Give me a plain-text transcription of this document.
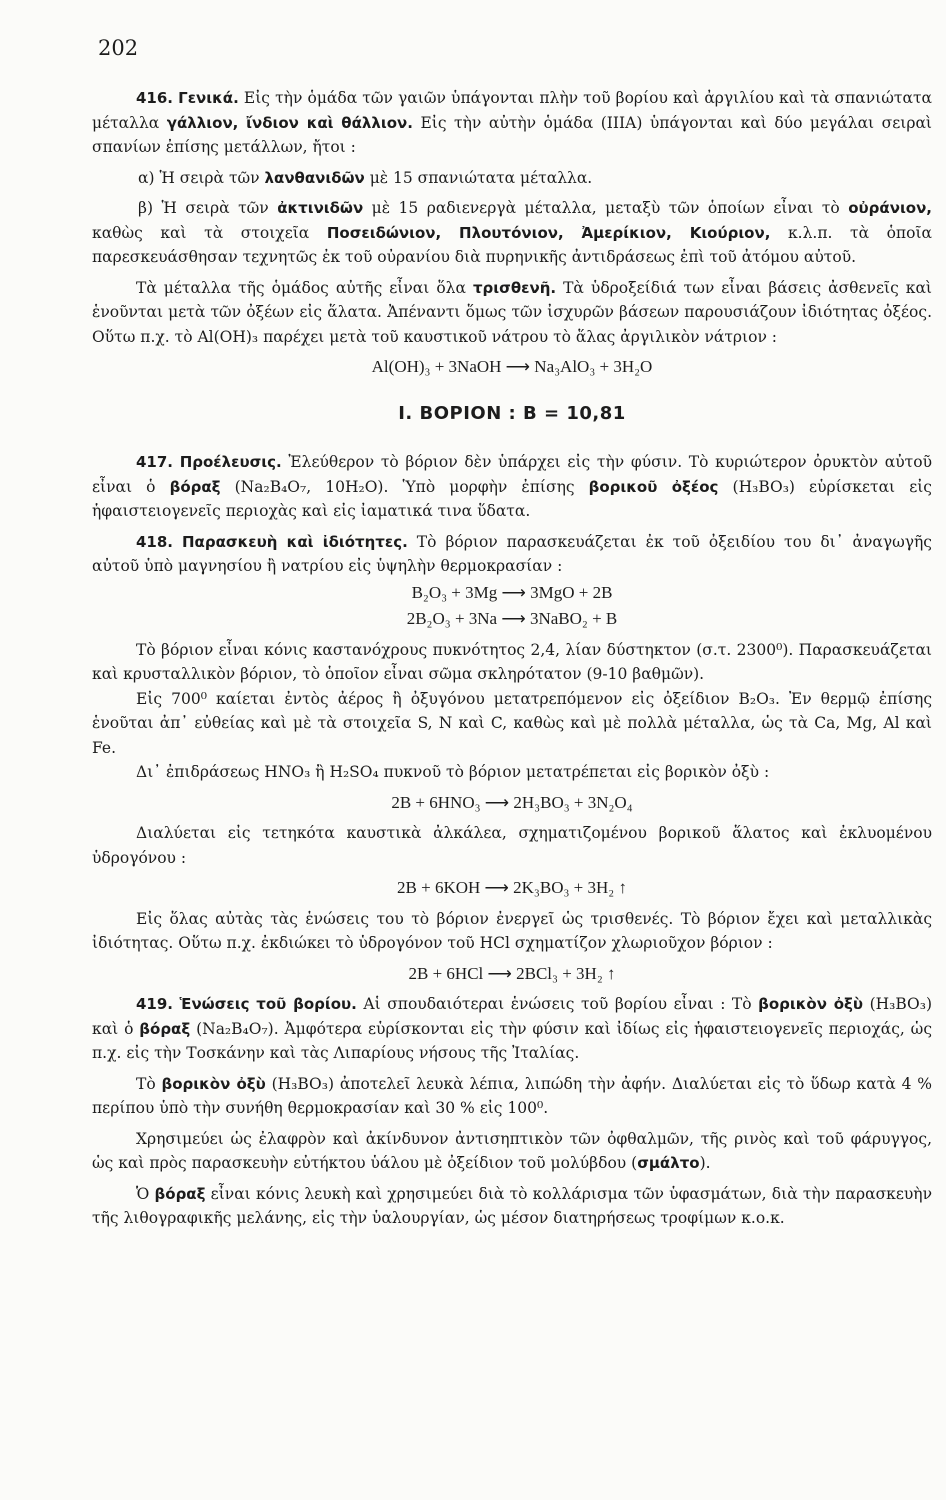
202

416. Γενικά. Εἰς τὴν ὁμάδα τῶν γαιῶν ὑπάγονται πλὴν τοῦ βορίου καὶ ἀργιλίου καὶ τὰ σπανιώτατα μέταλλα γάλλιον, ἴνδιον καὶ θάλλιον. Εἰς τὴν αὐτὴν ὁμάδα (IIIΑ) ὑπάγονται καὶ δύο μεγάλαι σειραὶ σπανίων ἐπίσης μετάλλων, ἤτοι :

α) Ἡ σειρὰ τῶν λανθανιδῶν μὲ 15 σπανιώτατα μέταλλα.

β) Ἡ σειρὰ τῶν ἀκτινιδῶν μὲ 15 ραδιενεργὰ μέταλλα, μεταξὺ τῶν ὁποίων εἶναι τὸ οὐράνιον, καθὼς καὶ τὰ στοιχεῖα Ποσειδώνιον, Πλουτόνιον, Ἀμερίκιον, Κιούριον, κ.λ.π. τὰ ὁποῖα παρεσκευάσθησαν τεχνητῶς ἐκ τοῦ οὐρανίου διὰ πυρηνικῆς ἀντιδράσεως ἐπὶ τοῦ ἀτόμου αὐτοῦ.

Τὰ μέταλλα τῆς ὁμάδος αὐτῆς εἶναι ὅλα τρισθενῆ. Τὰ ὑδροξείδιά των εἶναι βάσεις ἀσθενεῖς καὶ ἑνοῦνται μετὰ τῶν ὀξέων εἰς ἅλατα. Ἀπέναντι ὅμως τῶν ἰσχυρῶν βάσεων παρουσιάζουν ἰδιότητας ὀξέος. Οὕτω π.χ. τὸ Al(OH)₃ παρέχει μετὰ τοῦ καυστικοῦ νάτρου τὸ ἅλας ἀργιλικὸν νάτριον :

Al(OH)₃ + 3NaOH ⟶ Na₃AlO₃ + 3H₂O
Ι. ΒΟΡΙΟΝ : B = 10,81

417. Προέλευσις. Ἐλεύθερον τὸ βόριον δὲν ὑπάρχει εἰς τὴν φύσιν. Τὸ κυριώτερον ὀρυκτὸν αὐτοῦ εἶναι ὁ βόραξ (Na₂B₄O₇, 10H₂O). Ὑπὸ μορφὴν ἐπίσης βορικοῦ ὀξέος (H₃BO₃) εὑρίσκεται εἰς ἡφαιστειογενεῖς περιοχὰς καὶ εἰς ἰαματικά τινα ὕδατα.

418. Παρασκευὴ καὶ ἰδιότητες. Τὸ βόριον παρασκευάζεται ἐκ τοῦ ὀξειδίου του δι᾽ ἀναγωγῆς αὐτοῦ ὑπὸ μαγνησίου ἢ νατρίου εἰς ὑψηλὴν θερμοκρασίαν :

B₂O₃ + 3Mg ⟶ 3MgO + 2B
2B₂O₃ + 3Na ⟶ 3NaBO₂ + B

Τὸ βόριον εἶναι κόνις καστανόχρους πυκνότητος 2,4, λίαν δύστηκτον (σ.τ. 2300⁰). Παρασκευάζεται καὶ κρυσταλλικὸν βόριον, τὸ ὁποῖον εἶναι σῶμα σκληρότατον (9-10 βαθμῶν).

Εἰς 700⁰ καίεται ἐντὸς ἀέρος ἢ ὀξυγόνου μετατρεπόμενον εἰς ὀξείδιον B₂O₃. Ἐν θερμῷ ἐπίσης ἑνοῦται ἀπ᾽ εὐθείας καὶ μὲ τὰ στοιχεῖα S, N καὶ C, καθὼς καὶ μὲ πολλὰ μέταλλα, ὡς τὰ Ca, Mg, Al καὶ Fe.

Δι᾽ ἐπιδράσεως HNO₃ ἢ H₂SO₄ πυκνοῦ τὸ βόριον μετατρέπεται εἰς βορικὸν ὀξὺ :

2B + 6HNO₃ ⟶ 2H₃BO₃ + 3N₂O₄

Διαλύεται εἰς τετηκότα καυστικὰ ἀλκάλεα, σχηματιζομένου βορικοῦ ἅλατος καὶ ἐκλυομένου ὑδρογόνου :

2B + 6KOH ⟶ 2K₃BO₃ + 3H₂ ↑

Εἰς ὅλας αὐτὰς τὰς ἑνώσεις του τὸ βόριον ἐνεργεῖ ὡς τρισθενές. Τὸ βόριον ἔχει καὶ μεταλλικὰς ἰδιότητας. Οὕτω π.χ. ἐκδιώκει τὸ ὑδρογόνον τοῦ HCl σχηματίζον χλωριοῦχον βόριον :

2B + 6HCl ⟶ 2BCl₃ + 3H₂ ↑

419. Ἑνώσεις τοῦ βορίου. Αἱ σπουδαιότεραι ἑνώσεις τοῦ βορίου εἶναι : Τὸ βορικὸν ὀξὺ (H₃BO₃) καὶ ὁ βόραξ (Na₂B₄O₇). Ἀμφότερα εὑρίσκονται εἰς τὴν φύσιν καὶ ἰδίως εἰς ἡφαιστειογενεῖς περιοχάς, ὡς π.χ. εἰς τὴν Τοσκάνην καὶ τὰς Λιπαρίους νήσους τῆς Ἰταλίας.

Τὸ βορικὸν ὀξὺ (H₃BO₃) ἀποτελεῖ λευκὰ λέπια, λιπώδη τὴν ἀφήν. Διαλύεται εἰς τὸ ὕδωρ κατὰ 4 % περίπου ὑπὸ τὴν συνήθη θερμοκρασίαν καὶ 30 % εἰς 100⁰.

Χρησιμεύει ὡς ἐλαφρὸν καὶ ἀκίνδυνον ἀντισηπτικὸν τῶν ὀφθαλμῶν, τῆς ρινὸς καὶ τοῦ φάρυγγος, ὡς καὶ πρὸς παρασκευὴν εὐτήκτου ὑάλου μὲ ὀξείδιον τοῦ μολύβδου (σμάλτο).

Ὁ βόραξ εἶναι κόνις λευκὴ καὶ χρησιμεύει διὰ τὸ κολλάρισμα τῶν ὑφασμάτων, διὰ τὴν παρασκευὴν τῆς λιθογραφικῆς μελάνης, εἰς τὴν ὑαλουργίαν, ὡς μέσον διατηρήσεως τροφίμων κ.ο.κ.
